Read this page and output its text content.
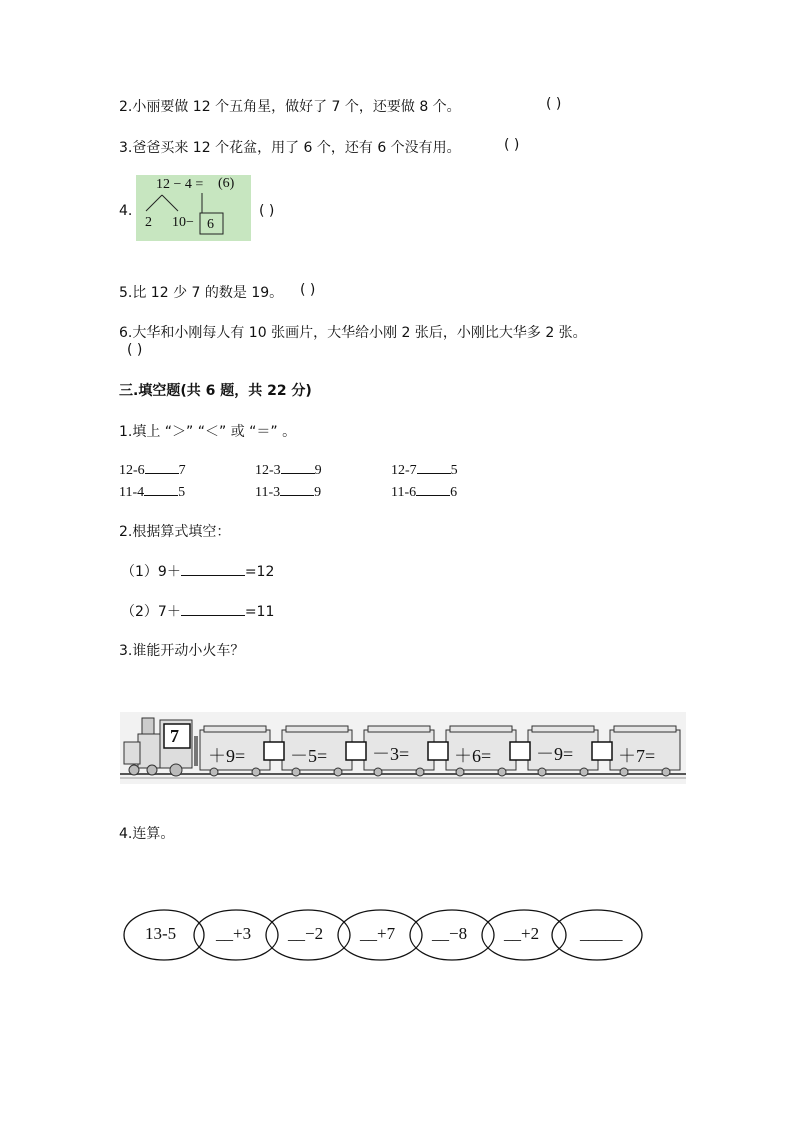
2.小丽要做 12 个五角星，做好了 7 个，还要做 8 个。	( )
3.爸爸买来 12 个花盆，用了 6 个，还有 6 个没有用。	( )
4.
12 − 4 = (6)
2 10− 6
( )
5.比 12 少 7 的数是 19。 ( )
6.大华和小刚每人有 10 张画片，大华给小刚 2 张后，小刚比大华多 2 张。
( )
三.填空题(共 6 题，共 22 分)
1.填上 “＞” “＜” 或 “＝” 。
12-6 7	12-3 9	12-7 5
11-4 5	11-3 9	11-6 6
2.根据算式填空：
（1）9＋	=12
（2）7＋	=11
3.谁能开动小火车？
7
＋9= －5= －3= ＋6= －9= ＋7=
4.连算。
13-5 __+3 __−2 __+7 __−8 __+2 _____
